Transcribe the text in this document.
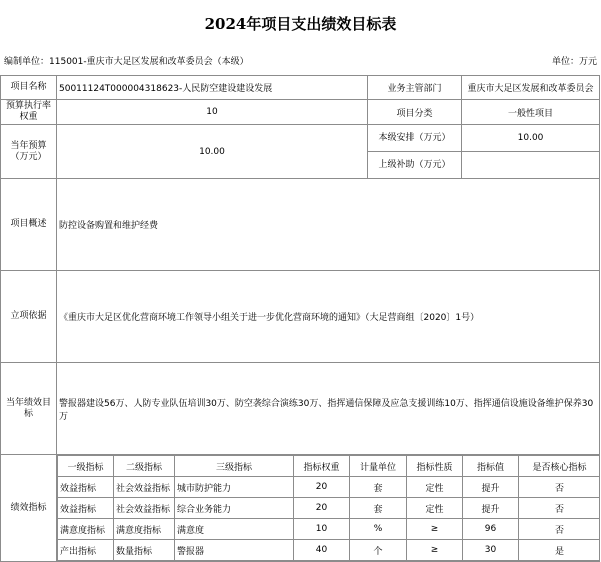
2024年项目支出绩效目标表
编制单位：115001-重庆市大足区发展和改革委员会（本级）	单位：万元
项目名称	50011124T000004318623-人民防空建设建设发展	业务主管部门	重庆市大足区发展和改革委员会
预算执行率权重	10	项目分类	一般性项目
当年预算（万元）	10.00	本级安排（万元）	10.00
上级补助（万元）	
项目概述	防控设备购置和维护经费
立项依据	《重庆市大足区优化营商环境工作领导小组关于进一步优化营商环境的通知》（大足营商组〔2020〕1号）
当年绩效目标	警报器建设56万、人防专业队伍培训30万、防空袭综合演练30万、指挥通信保障及应急支援训练10万、指挥通信设施设备维护保养30万
绩效指标	
一级指标	二级指标	三级指标	指标权重	计量单位	指标性质	指标值	是否核心指标
效益指标	社会效益指标	城市防护能力	20	套	定性	提升	否
效益指标	社会效益指标	综合业务能力	20	套	定性	提升	否
满意度指标	满意度指标	满意度	10	%	≥	96	否
产出指标	数量指标	警报器	40	个	≥	30	是
